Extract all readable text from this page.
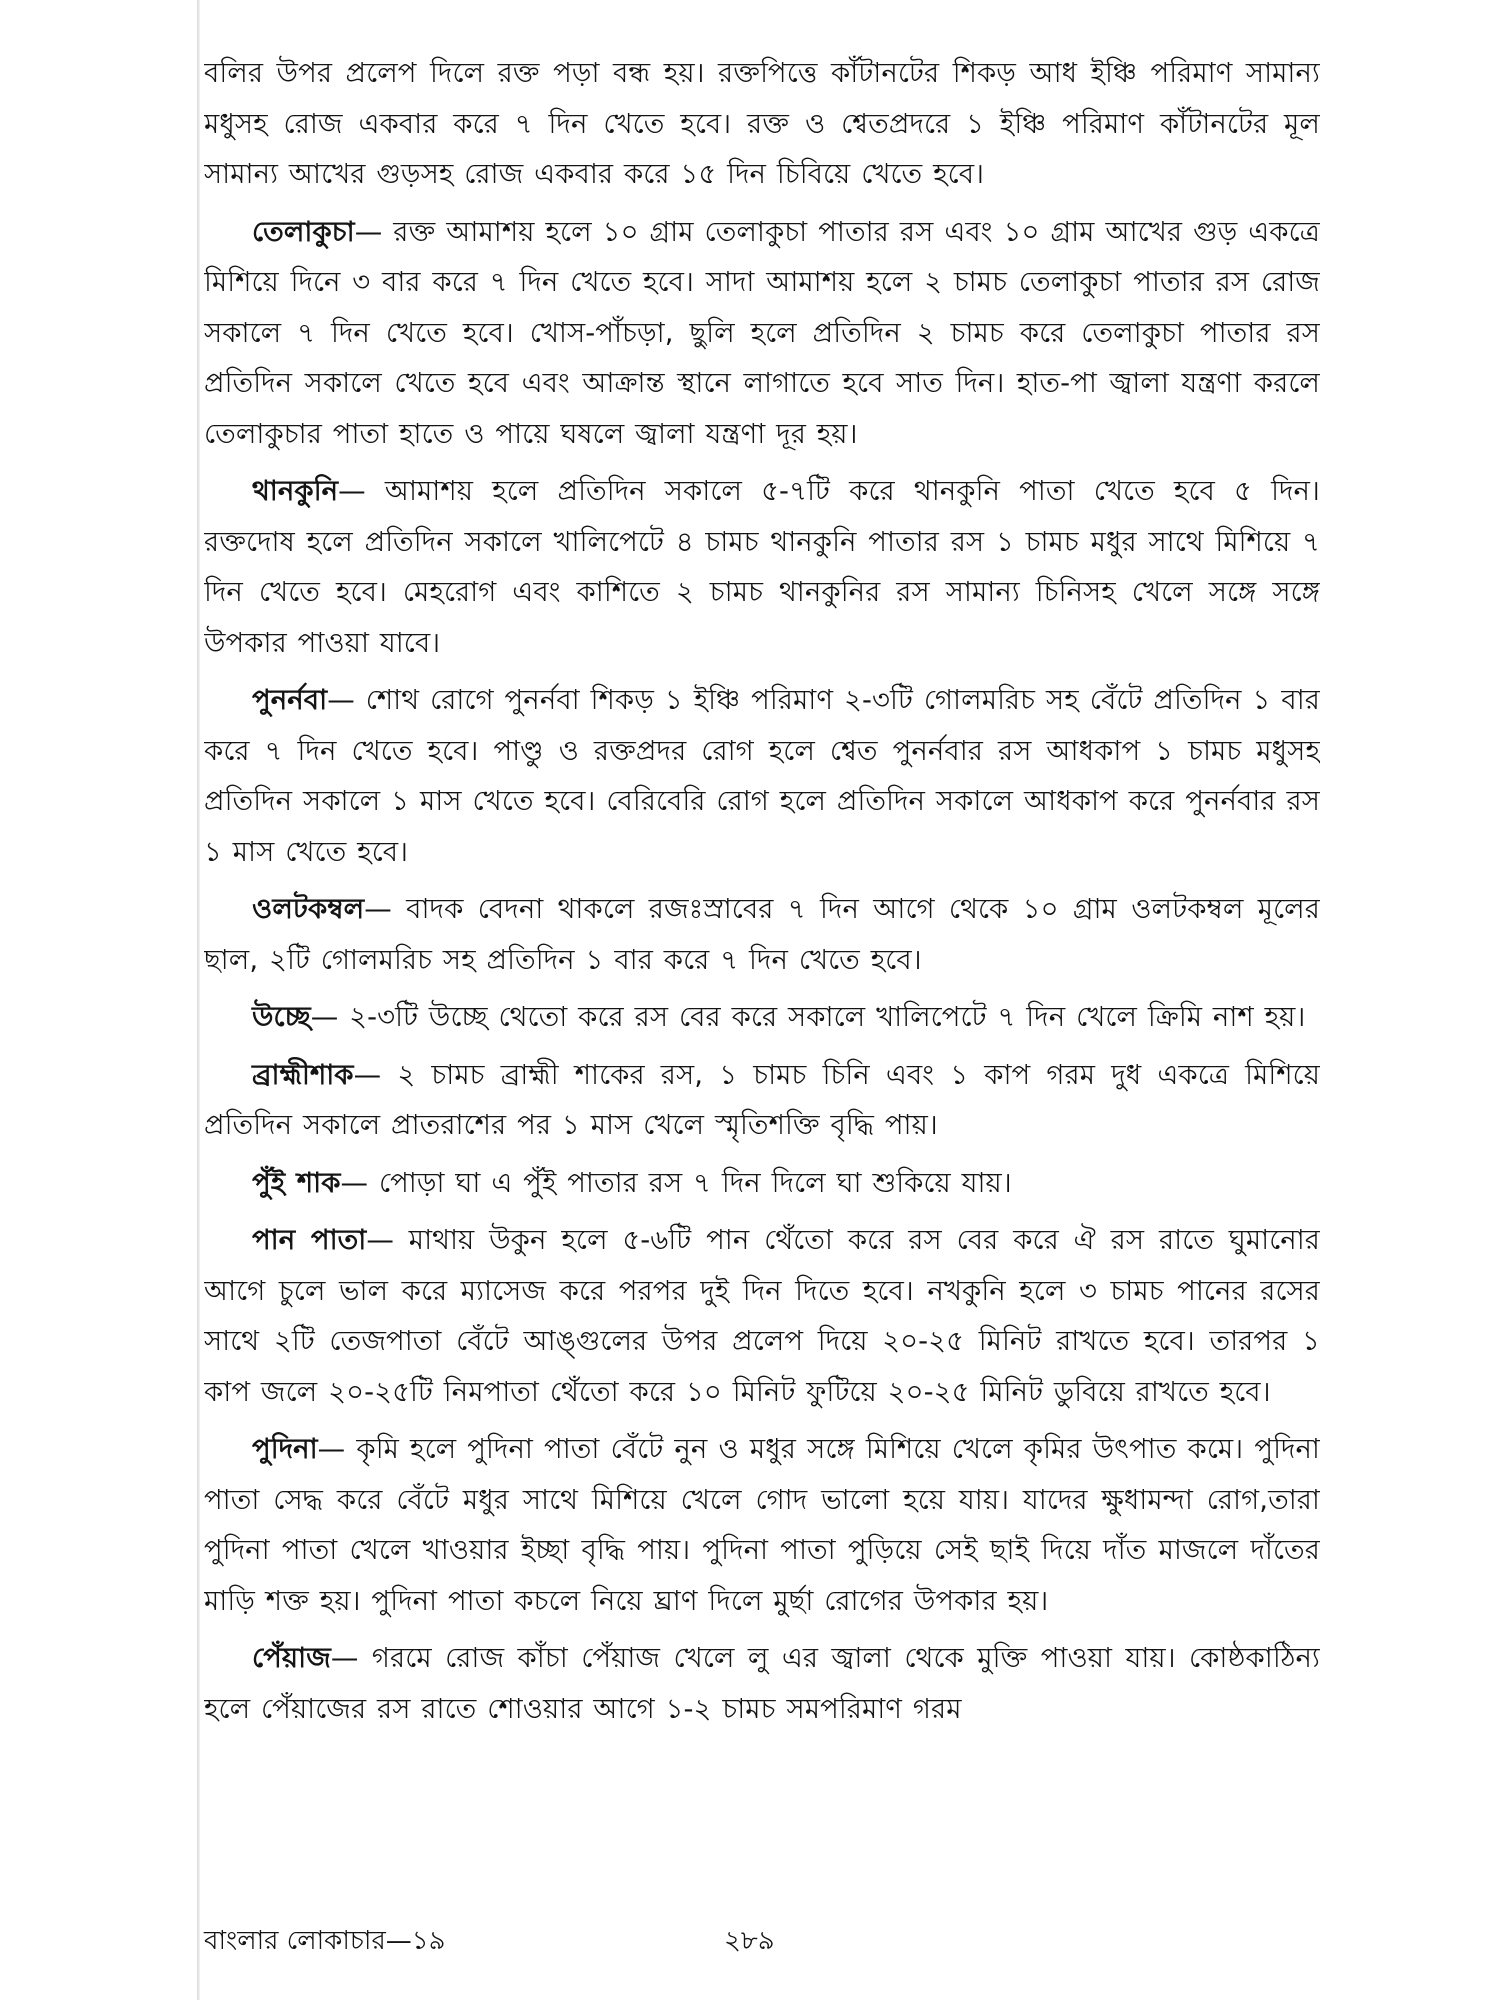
বলির উপর প্রলেপ দিলে রক্ত পড়া বন্ধ হয়। রক্তপিত্তে কাঁটানটের শিকড় আধ ইঞ্চি পরিমাণ সামান্য মধুসহ রোজ একবার করে ৭ দিন খেতে হবে। রক্ত ও শ্বেতপ্রদরে ১ ইঞ্চি পরিমাণ কাঁটানটের মূল সামান্য আখের গুড়সহ রোজ একবার করে ১৫ দিন চিবিয়ে খেতে হবে।

তেলাকুচা— রক্ত আমাশয় হলে ১০ গ্রাম তেলাকুচা পাতার রস এবং ১০ গ্রাম আখের গুড় একত্রে মিশিয়ে দিনে ৩ বার করে ৭ দিন খেতে হবে। সাদা আমাশয় হলে ২ চামচ তেলাকুচা পাতার রস রোজ সকালে ৭ দিন খেতে হবে। খোস-পাঁচড়া, ছুলি হলে প্রতিদিন ২ চামচ করে তেলাকুচা পাতার রস প্রতিদিন সকালে খেতে হবে এবং আক্রান্ত স্থানে লাগাতে হবে সাত দিন। হাত-পা জ্বালা যন্ত্রণা করলে তেলাকুচার পাতা হাতে ও পায়ে ঘষলে জ্বালা যন্ত্রণা দূর হয়।

থানকুনি— আমাশয় হলে প্রতিদিন সকালে ৫-৭টি করে থানকুনি পাতা খেতে হবে ৫ দিন। রক্তদোষ হলে প্রতিদিন সকালে খালিপেটে ৪ চামচ থানকুনি পাতার রস ১ চামচ মধুর সাথে মিশিয়ে ৭ দিন খেতে হবে। মেহরোগ এবং কাশিতে ২ চামচ থানকুনির রস সামান্য চিনিসহ খেলে সঙ্গে সঙ্গে উপকার পাওয়া যাবে।

পুনর্নবা— শোথ রোগে পুনর্নবা শিকড় ১ ইঞ্চি পরিমাণ ২-৩টি গোলমরিচ সহ বেঁটে প্রতিদিন ১ বার করে ৭ দিন খেতে হবে। পাণ্ডু ও রক্তপ্রদর রোগ হলে শ্বেত পুনর্নবার রস আধকাপ ১ চামচ মধুসহ প্রতিদিন সকালে ১ মাস খেতে হবে। বেরিবেরি রোগ হলে প্রতিদিন সকালে আধকাপ করে পুনর্নবার রস ১ মাস খেতে হবে।

ওলটকম্বল— বাদক বেদনা থাকলে রজঃস্রাবের ৭ দিন আগে থেকে ১০ গ্রাম ওলটকম্বল মূলের ছাল, ২টি গোলমরিচ সহ প্রতিদিন ১ বার করে ৭ দিন খেতে হবে।

উচ্ছে— ২-৩টি উচ্ছে থেতো করে রস বের করে সকালে খালিপেটে ৭ দিন খেলে ক্রিমি নাশ হয়।

ব্রাহ্মীশাক— ২ চামচ ব্রাহ্মী শাকের রস, ১ চামচ চিনি এবং ১ কাপ গরম দুধ একত্রে মিশিয়ে প্রতিদিন সকালে প্রাতরাশের পর ১ মাস খেলে স্মৃতিশক্তি বৃদ্ধি পায়।

পুঁই শাক— পোড়া ঘা এ পুঁই পাতার রস ৭ দিন দিলে ঘা শুকিয়ে যায়।

পান পাতা— মাথায় উকুন হলে ৫-৬টি পান থেঁতো করে রস বের করে ঐ রস রাতে ঘুমানোর আগে চুলে ভাল করে ম্যাসেজ করে পরপর দুই দিন দিতে হবে। নখকুনি হলে ৩ চামচ পানের রসের সাথে ২টি তেজপাতা বেঁটে আঙ্গুলের উপর প্রলেপ দিয়ে ২০-২৫ মিনিট রাখতে হবে। তারপর ১ কাপ জলে ২০-২৫টি নিমপাতা থেঁতো করে ১০ মিনিট ফুটিয়ে ২০-২৫ মিনিট ডুবিয়ে রাখতে হবে।

পুদিনা— কৃমি হলে পুদিনা পাতা বেঁটে নুন ও মধুর সঙ্গে মিশিয়ে খেলে কৃমির উৎপাত কমে। পুদিনা পাতা সেদ্ধ করে বেঁটে মধুর সাথে মিশিয়ে খেলে গোদ ভালো হয়ে যায়। যাদের ক্ষুধামন্দা রোগ,তারা পুদিনা পাতা খেলে খাওয়ার ইচ্ছা বৃদ্ধি পায়। পুদিনা পাতা পুড়িয়ে সেই ছাই দিয়ে দাঁত মাজলে দাঁতের মাড়ি শক্ত হয়। পুদিনা পাতা কচলে নিয়ে ঘ্রাণ দিলে মুর্ছা রোগের উপকার হয়।

পেঁয়াজ— গরমে রোজ কাঁচা পেঁয়াজ খেলে লু এর জ্বালা থেকে মুক্তি পাওয়া যায়। কোষ্ঠকাঠিন্য হলে পেঁয়াজের রস রাতে শোওয়ার আগে ১-২ চামচ সমপরিমাণ গরম

বাংলার লোকাচার—১৯	২৮৯
